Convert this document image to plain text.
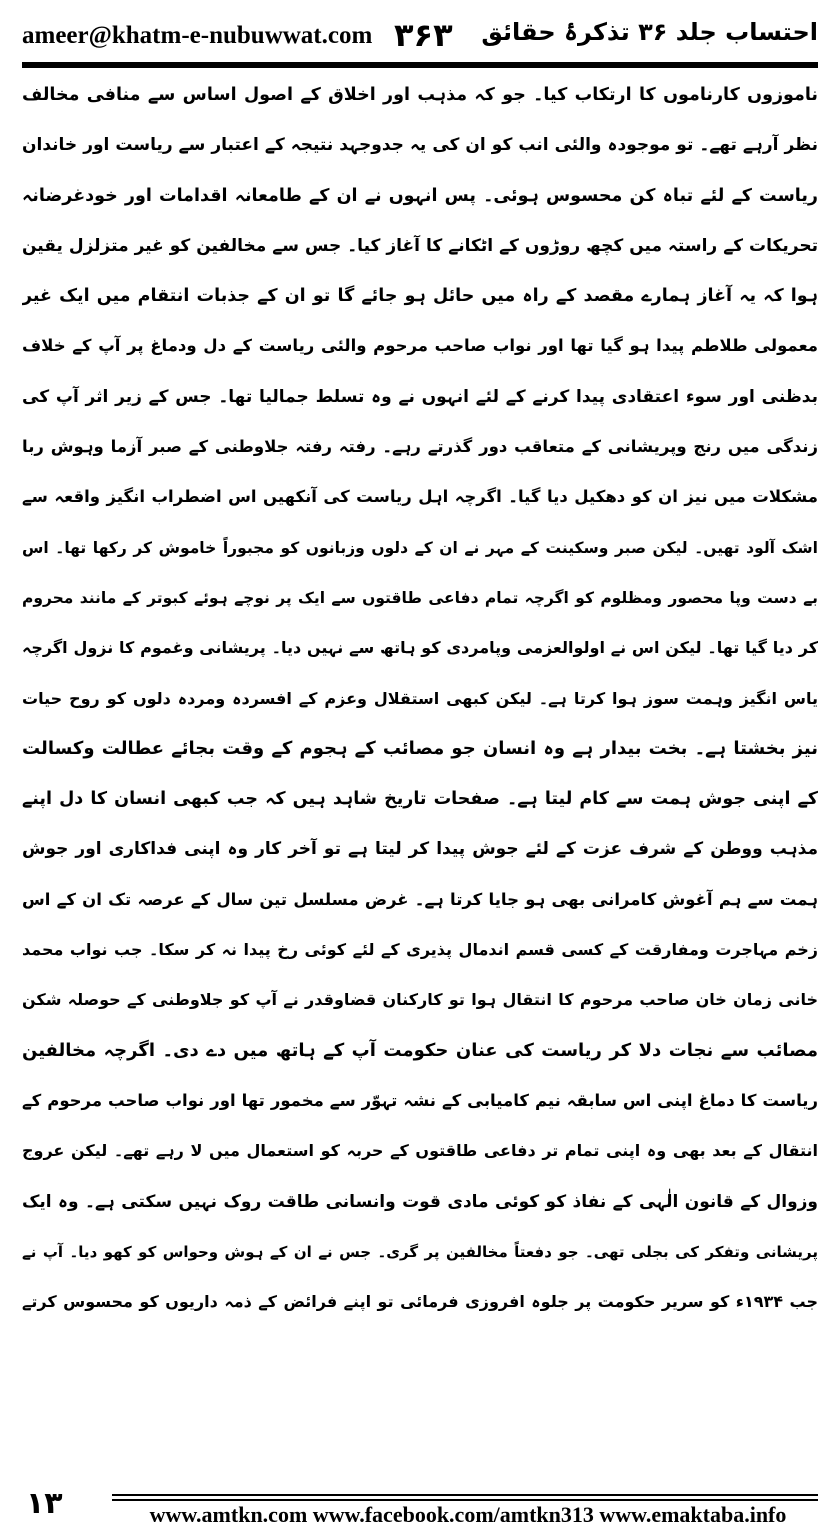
ameer@khatm-e-nubuwwat.com ۳۶۳ احتساب جلد ۳۶ تذکرۂ حقائق
ناموزوں کارناموں کا ارتکاب کیا۔ جو کہ مذہب اور اخلاق کے اصول اساس سے منافی مخالف
نظر آرہے تھے۔ تو موجودہ والئی انب کو ان کی یہ جدوجہد نتیجہ کے اعتبار سے ریاست اور خاندان
ریاست کے لئے تباہ کن محسوس ہوئی۔ پس انہوں نے ان کے طامعانہ اقدامات اور خودغرضانہ
تحریکات کے راستہ میں کچھ روڑوں کے اٹکانے کا آغاز کیا۔ جس سے مخالفین کو غیر متزلزل یقین
ہوا کہ یہ آغاز ہمارے مقصد کے راہ میں حائل ہو جائے گا تو ان کے جذبات انتقام میں ایک غیر
معمولی طلاطم پیدا ہو گیا تھا اور نواب صاحب مرحوم والئی ریاست کے دل ودماغ پر آپ کے خلاف
بدظنی اور سوء اعتقادی پیدا کرنے کے لئے انہوں نے وہ تسلط جمالیا تھا۔ جس کے زیر اثر آپ کی
زندگی میں رنج وپریشانی کے متعاقب دور گذرتے رہے۔ رفتہ رفتہ جلاوطنی کے صبر آزما وہوش ربا
مشکلات میں نیز ان کو دھکیل دیا گیا۔ اگرچہ اہل ریاست کی آنکھیں اس اضطراب انگیز واقعہ سے
اشک آلود تھیں۔ لیکن صبر وسکینت کے مہر نے ان کے دلوں وزبانوں کو مجبوراً خاموش کر رکھا تھا۔ اس
بے دست وپا محصور ومظلوم کو اگرچہ تمام دفاعی طاقتوں سے ایک پر نوچے ہوئے کبوتر کے مانند محروم
کر دیا گیا تھا۔ لیکن اس نے اولوالعزمی وپامردی کو ہاتھ سے نہیں دیا۔ پریشانی وغموم کا نزول اگرچہ
یاس انگیز وہمت سوز ہوا کرتا ہے۔ لیکن کبھی استقلال وعزم کے افسردہ ومردہ دلوں کو روح حیات
نیز بخشتا ہے۔ بخت بیدار ہے وہ انسان جو مصائب کے ہجوم کے وقت بجائے عطالت وکسالت
کے اپنی جوش ہمت سے کام لیتا ہے۔ صفحات تاریخ شاہد ہیں کہ جب کبھی انسان کا دل اپنے
مذہب ووطن کے شرف عزت کے لئے جوش پیدا کر لیتا ہے تو آخر کار وہ اپنی فداکاری اور جوش
ہمت سے ہم آغوش کامرانی بھی ہو جایا کرتا ہے۔ غرض مسلسل تین سال کے عرصہ تک ان کے اس
زخم مہاجرت ومفارقت کے کسی قسم اندمال پذیری کے لئے کوئی رخ پیدا نہ کر سکا۔ جب نواب محمد
خانی زمان خان صاحب مرحوم کا انتقال ہوا تو کارکنان قضاوقدر نے آپ کو جلاوطنی کے حوصلہ شکن
مصائب سے نجات دلا کر ریاست کی عنان حکومت آپ کے ہاتھ میں دے دی۔ اگرچہ مخالفین
ریاست کا دماغ اپنی اس سابقہ نیم کامیابی کے نشہ تہوّر سے مخمور تھا اور نواب صاحب مرحوم کے
انتقال کے بعد بھی وہ اپنی تمام تر دفاعی طاقتوں کے حربہ کو استعمال میں لا رہے تھے۔ لیکن عروج
وزوال کے قانون الٰہی کے نفاذ کو کوئی مادی قوت وانسانی طاقت روک نہیں سکتی ہے۔ وہ ایک
پریشانی وتفکر کی بجلی تھی۔ جو دفعتاً مخالفین پر گری۔ جس نے ان کے ہوش وحواس کو کھو دیا۔ آپ نے
جب ۱۹۳۴ء کو سریر حکومت پر جلوہ افروزی فرمائی تو اپنے فرائض کے ذمہ داریوں کو محسوس کرتے
۱۳	www.amtkn.com www.facebook.com/amtkn313 www.emaktaba.info
